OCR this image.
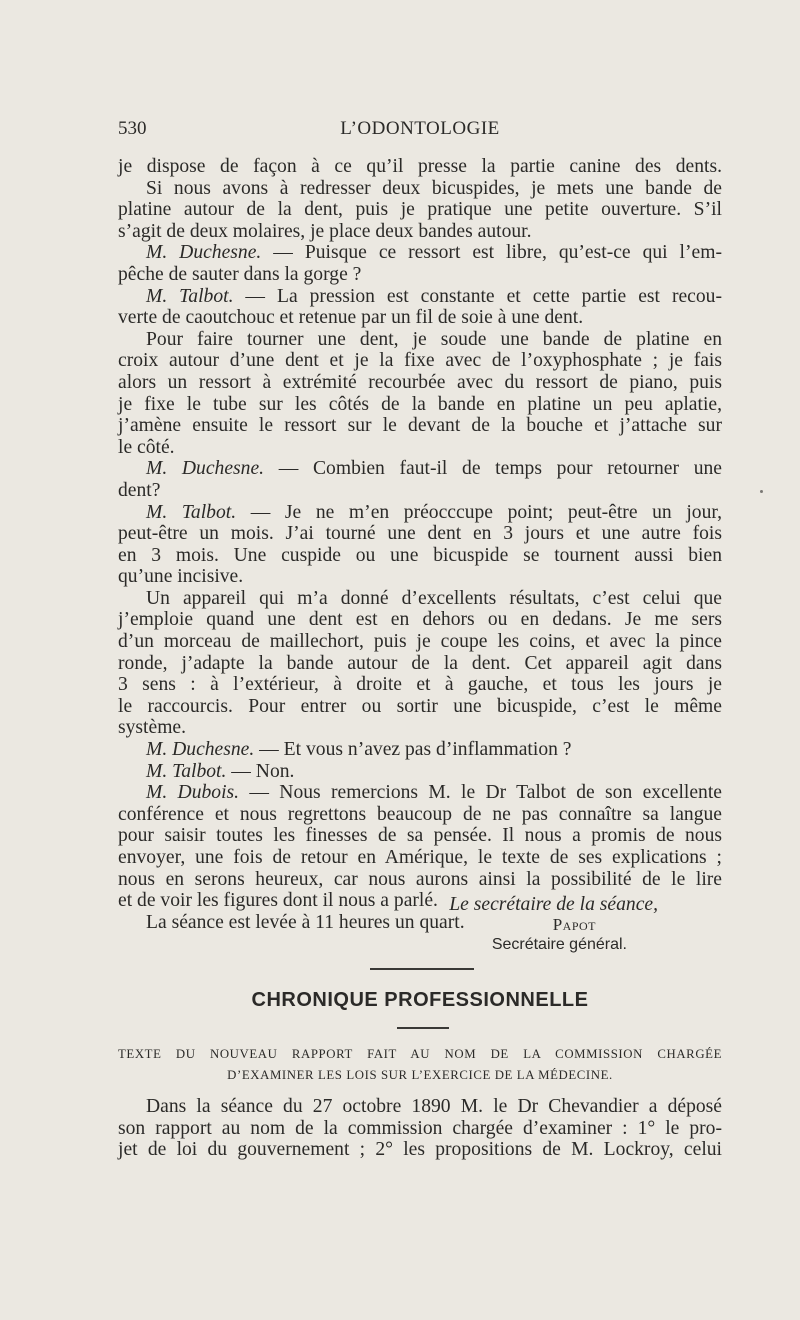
530	L’ODONTOLOGIE
je dispose de façon à ce qu’il presse la partie canine des dents.
Si nous avons à redresser deux bicuspides, je mets une bande de
platine autour de la dent, puis je pratique une petite ouverture. S’il
s’agit de deux molaires, je place deux bandes autour.
M. Duchesne. — Puisque ce ressort est libre, qu’est-ce qui l’em-
pêche de sauter dans la gorge ?
M. Talbot. — La pression est constante et cette partie est recou-
verte de caoutchouc et retenue par un fil de soie à une dent.
Pour faire tourner une dent, je soude une bande de platine en
croix autour d’une dent et je la fixe avec de l’oxyphosphate ; je fais
alors un ressort à extrémité recourbée avec du ressort de piano, puis
je fixe le tube sur les côtés de la bande en platine un peu aplatie,
j’amène ensuite le ressort sur le devant de la bouche et j’attache sur
le côté.
M. Duchesne. — Combien faut-il de temps pour retourner une
dent?
M. Talbot. — Je ne m’en préocccupe point; peut-être un jour,
peut-être un mois. J’ai tourné une dent en 3 jours et une autre fois
en 3 mois. Une cuspide ou une bicuspide se tournent aussi bien
qu’une incisive.
Un appareil qui m’a donné d’excellents résultats, c’est celui que
j’emploie quand une dent est en dehors ou en dedans. Je me sers
d’un morceau de maillechort, puis je coupe les coins, et avec la pince
ronde, j’adapte la bande autour de la dent. Cet appareil agit dans
3 sens : à l’extérieur, à droite et à gauche, et tous les jours je
le raccourcis. Pour entrer ou sortir une bicuspide, c’est le même
système.
M. Duchesne. — Et vous n’avez pas d’inflammation ?
M. Talbot. — Non.
M. Dubois. — Nous remercions M. le Dr Talbot de son excellente
conférence et nous regrettons beaucoup de ne pas connaître sa langue
pour saisir toutes les finesses de sa pensée. Il nous a promis de nous
envoyer, une fois de retour en Amérique, le texte de ses explications ;
nous en serons heureux, car nous aurons ainsi la possibilité de le lire
et de voir les figures dont il nous a parlé.
La séance est levée à 11 heures un quart.
Le secrétaire de la séance,
Papot
Secrétaire général.
CHRONIQUE PROFESSIONNELLE
TEXTE DU NOUVEAU RAPPORT FAIT AU NOM DE LA COMMISSION CHARGÉE
D’EXAMINER LES LOIS SUR L’EXERCICE DE LA MÉDECINE.
Dans la séance du 27 octobre 1890 M. le Dr Chevandier a déposé
son rapport au nom de la commission chargée d’examiner : 1° le pro-
jet de loi du gouvernement ; 2° les propositions de M. Lockroy, celui
